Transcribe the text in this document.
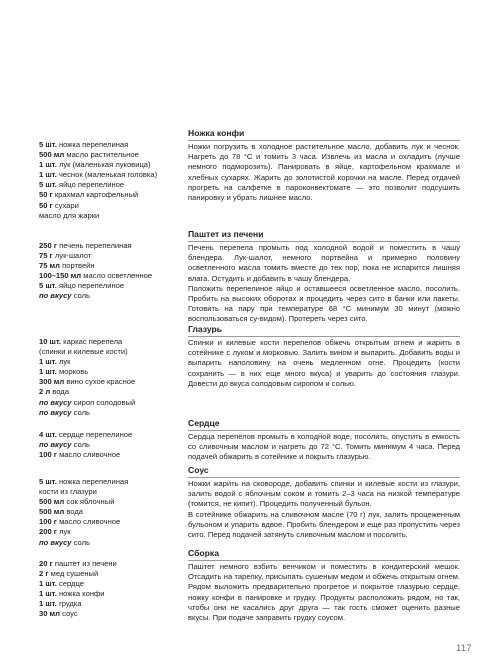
5 шт. ножка перепелиная
500 мл масло растительное
1 шт. лук (маленькая луковица)
1 шт. чеснок (маленькая головка)
5 шт. яйцо перепелиное
50 г крахмал картофельный
50 г сухари
масло для жарки
250 г печень перепелиная
75 г лук-шалот
75 мл портвейн
100–150 мл масло осветленное
5 шт. яйцо перепелиное
по вкусу соль
10 шт. каркас перепела
(спинки и килевые кости)
1 шт. лук
1 шт. морковь
300 мл вино сухое красное
2 л вода
по вкусу сироп солодовый
по вкусу соль
4 шт. сердце перепелиное
по вкусу соль
100 г масло сливочное
5 шт. ножка перепелиная
кости из глазури
500 мл сок яблочный
500 мл вода
100 г масло сливочное
200 г лук
по вкусу соль
20 г паштет из печени
2 г мед сушеный
1 шт. сердце
1 шт. ножка конфи
1 шт. грудка
30 мл соус
Ножка конфи

Ножки погрузить в холодное растительное масло, добавить лук и чеснок. Нагреть до 78 °С и томить 3 часа. Извлечь из масла и охладить (лучше немного подморозить). Панировать в яйце, картофельном крахмале и хлебных сухарях. Жарить до золотистой корочки на масле. Перед отдачей прогреть на салфетке в пароконвектомате — это позволит подсушить панировку и убрать лишнее масло.

Паштет из печени

Печень перепела промыть под холодной водой и поместить в чашу блендера. Лук-шалот, немного портвейна и примерно половину осветленного масла томить вместе до тех пор, пока не испарится лишняя влага. Остудить и добавить в чашу блендера.

Положить перепелиное яйцо и оставшееся осветленное масло, посолить. Пробить на высоких оборотах и процедить через сито в банки или пакеты. Готовить на пару при температуре 68 °С минимум 30 минут (можно воспользоваться су-видом). Протереть через сито.

Глазурь

Спинки и килевые кости перепелов обжечь открытым огнем и жарить в сотейнике с луком и морковью. Залить вином и выпарить. Добавить воды и выпарить наполовину на очень медленном огне. Процедить (кости сохранить — в них еще много вкуса) и уварить до состояния глазури. Довести до вкуса солодовым сиропом и солью.

Сердце

Сердца перепелов промыть в холодной воде, посолить, опустить в емкость со сливочным маслом и нагреть до 72 °С. Томить минимум 4 часа. Перед подачей обжарить в сотейнике и покрыть глазурью.

Соус

Ножки жарить на сковороде, добавить спинки и килевые кости из глазури, залить водой с яблочным соком и томить 2–3 часа на низкой температуре (томится, не кипит). Процедить полученный бульон.

В сотейнике обжарить на сливочном масле (70 г) лук, залить процеженным бульоном и упарить вдвое. Пробить блендером и еще раз пропустить через сито. Перед подачей затянуть сливочным маслом и посолить.

Сборка

Паштет немного взбить венчиком и поместить в кондитерский мешок. Отсадить на тарелку, присыпать сушеным медом и обжечь открытым огнем. Рядом выложить предварительно прогретое и покрытое глазурью сердце, ножку конфи в панировке и грудку. Продукты расположить рядом, но так, чтобы они не касались друг друга — так гость сможет оценить разные вкусы. При подаче заправить грудку соусом.

117
